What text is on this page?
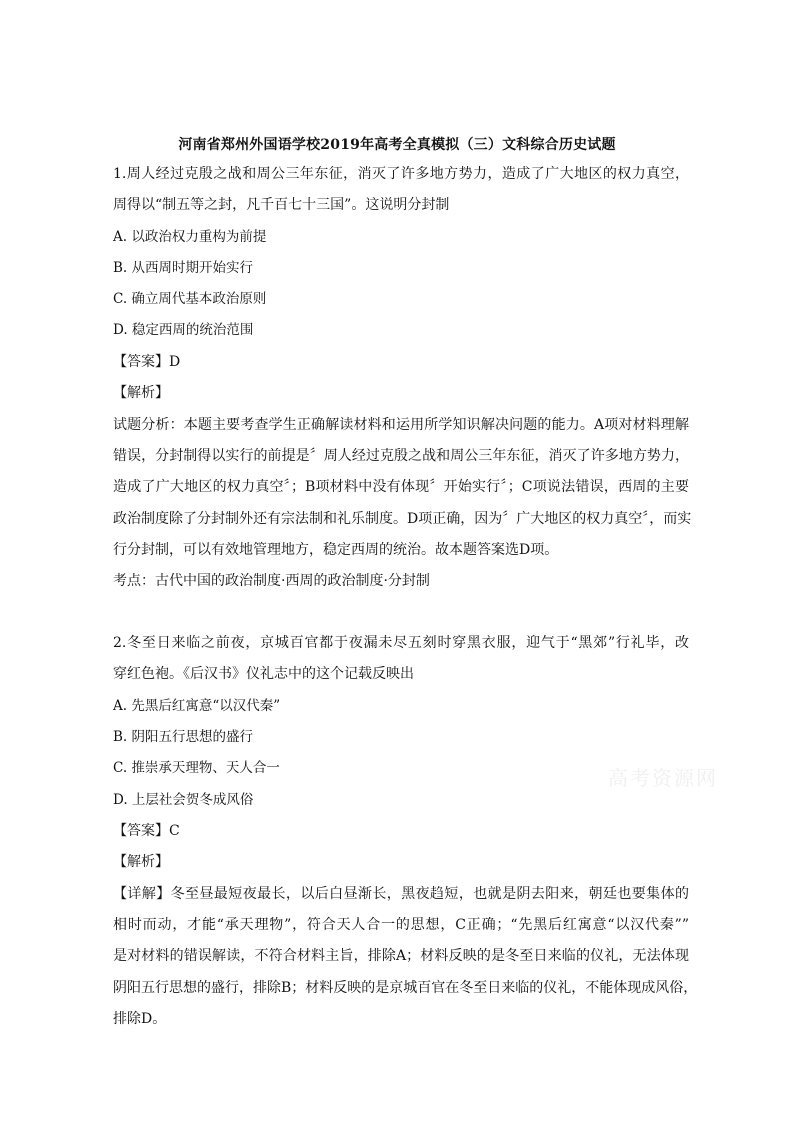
河南省郑州外国语学校2019年高考全真模拟（三）文科综合历史试题
1.周人经过克殷之战和周公三年东征，消灭了许多地方势力，造成了广大地区的权力真空，
周得以“制五等之封，凡千百七十三国”。这说明分封制
A. 以政治权力重构为前提
B. 从西周时期开始实行
C. 确立周代基本政治原则
D. 稳定西周的统治范围
【答案】D
【解析】
试题分析：本题主要考查学生正确解读材料和运用所学知识解决问题的能力。A项对材料理解
错误，分封制得以实行的前提是〞周人经过克殷之战和周公三年东征，消灭了许多地方势力，
造成了广大地区的权力真空〞；B项材料中没有体现〞开始实行〞；C项说法错误，西周的主要
政治制度除了分封制外还有宗法制和礼乐制度。D项正确，因为〞广大地区的权力真空〞，而实
行分封制，可以有效地管理地方，稳定西周的统治。故本题答案选D项。
考点：古代中国的政治制度·西周的政治制度·分封制
2.冬至日来临之前夜，京城百官都于夜漏未尽五刻时穿黑衣服，迎气于“黑郊”行礼毕，改
穿红色袍。《后汉书》仪礼志中的这个记载反映出
A. 先黑后红寓意“以汉代秦”
B. 阴阳五行思想的盛行
C. 推崇承天理物、天人合一
D. 上层社会贺冬成风俗
【答案】C
【解析】
【详解】冬至昼最短夜最长，以后白昼渐长，黑夜趋短，也就是阴去阳来，朝廷也要集体的
相时而动，才能“承天理物”，符合天人合一的思想，C正确；“先黑后红寓意“以汉代秦””
是对材料的错误解读，不符合材料主旨，排除A；材料反映的是冬至日来临的仪礼，无法体现
阴阳五行思想的盛行，排除B；材料反映的是京城百官在冬至日来临的仪礼，不能体现成风俗，
排除D。
高考资源网
